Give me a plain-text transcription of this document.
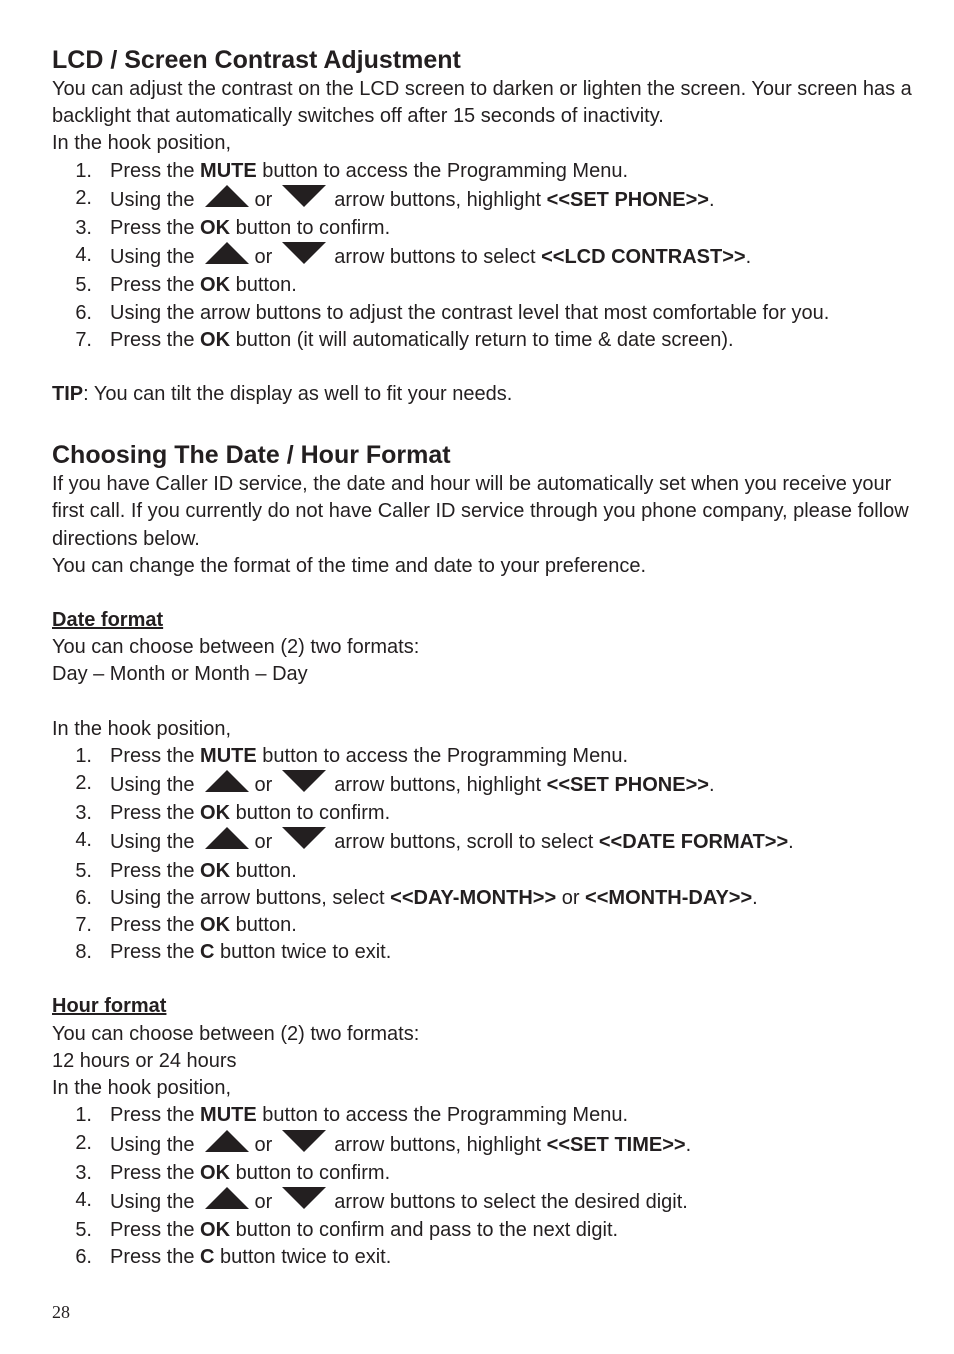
LCD / Screen Contrast Adjustment

You can adjust the contrast on the LCD screen to darken or lighten the screen. Your screen has a backlight that automatically switches off after 15 seconds of inactivity.

In the hook position,

1. Press the MUTE button to access the Programming Menu.
2. Using the	or	arrow buttons, highlight <<SET PHONE>>.
3. Press the OK button to confirm.
4. Using the	or	arrow buttons to select <<LCD CONTRAST>>.
5. Press the OK button.
6. Using the arrow buttons to adjust the contrast level that most comfortable for you.
7. Press the OK button (it will automatically return to time & date screen).

TIP: You can tilt the display as well to fit your needs.

Choosing The Date / Hour Format

If you have Caller ID service, the date and hour will be automatically set when you receive your first call. If you currently do not have Caller ID service through you phone company, please follow directions below.

You can change the format of the time and date to your preference.

Date format

You can choose between (2) two formats:

Day – Month or Month – Day

In the hook position,

1. Press the MUTE button to access the Programming Menu.
2. Using the	or	arrow buttons, highlight <<SET PHONE>>.
3. Press the OK button to confirm.
4. Using the	or	arrow buttons, scroll to select <<DATE FORMAT>>.
5. Press the OK button.
6. Using the arrow buttons, select <<DAY-MONTH>> or <<MONTH-DAY>>.
7. Press the OK button.
8. Press the C button twice to exit.

Hour format

You can choose between (2) two formats:

12 hours or 24 hours

In the hook position,

1. Press the MUTE button to access the Programming Menu.
2. Using the	or	arrow buttons, highlight <<SET TIME>>.
3. Press the OK button to confirm.
4. Using the	or	arrow buttons to select the desired digit.
5. Press the OK button to confirm and pass to the next digit.
6. Press the C button twice to exit.
28
